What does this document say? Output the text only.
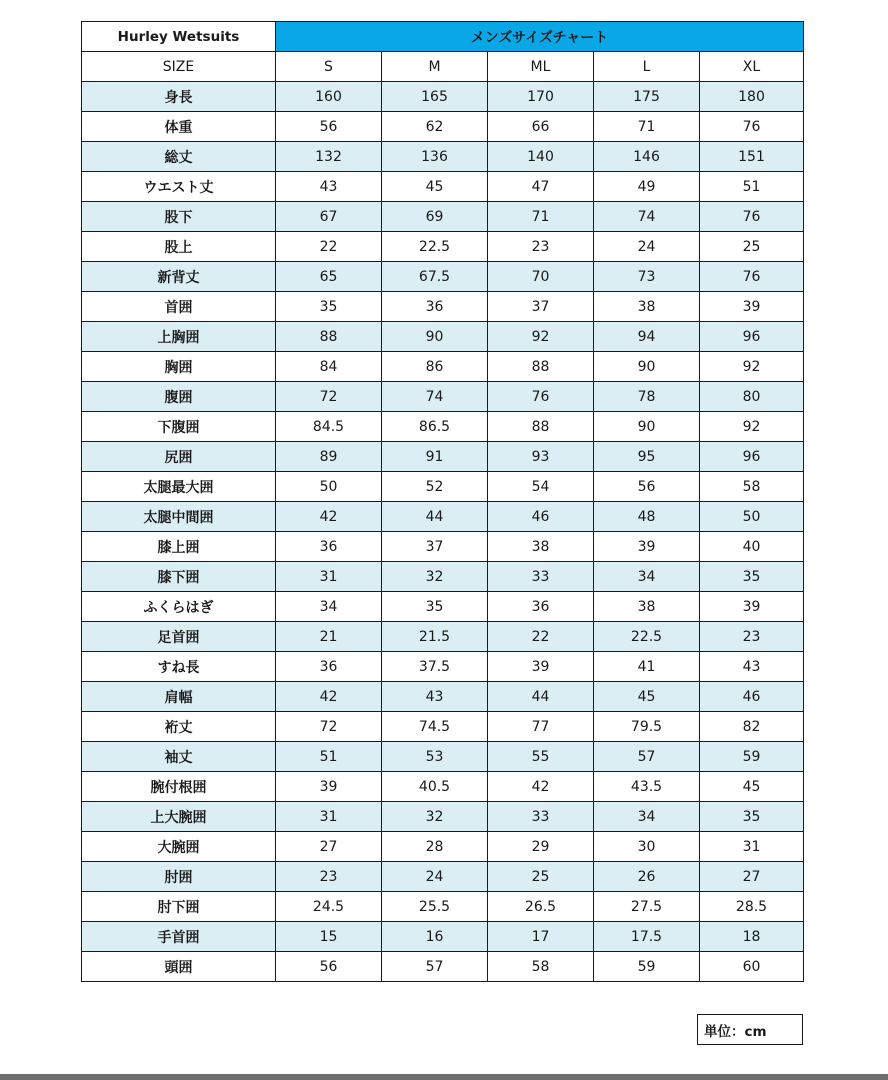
Hurley Wetsuits	メンズサイズチャート				
SIZE	S	M	ML	L	XL
身長	160	165	170	175	180
体重	56	62	66	71	76
総丈	132	136	140	146	151
ウエスト丈	43	45	47	49	51
股下	67	69	71	74	76
股上	22	22.5	23	24	25
新背丈	65	67.5	70	73	76
首囲	35	36	37	38	39
上胸囲	88	90	92	94	96
胸囲	84	86	88	90	92
腹囲	72	74	76	78	80
下腹囲	84.5	86.5	88	90	92
尻囲	89	91	93	95	96
太腿最大囲	50	52	54	56	58
太腿中間囲	42	44	46	48	50
膝上囲	36	37	38	39	40
膝下囲	31	32	33	34	35
ふくらはぎ	34	35	36	38	39
足首囲	21	21.5	22	22.5	23
すね長	36	37.5	39	41	43
肩幅	42	43	44	45	46
裄丈	72	74.5	77	79.5	82
袖丈	51	53	55	57	59
腕付根囲	39	40.5	42	43.5	45
上大腕囲	31	32	33	34	35
大腕囲	27	28	29	30	31
肘囲	23	24	25	26	27
肘下囲	24.5	25.5	26.5	27.5	28.5
手首囲	15	16	17	17.5	18
頭囲	56	57	58	59	60
単位：cm
